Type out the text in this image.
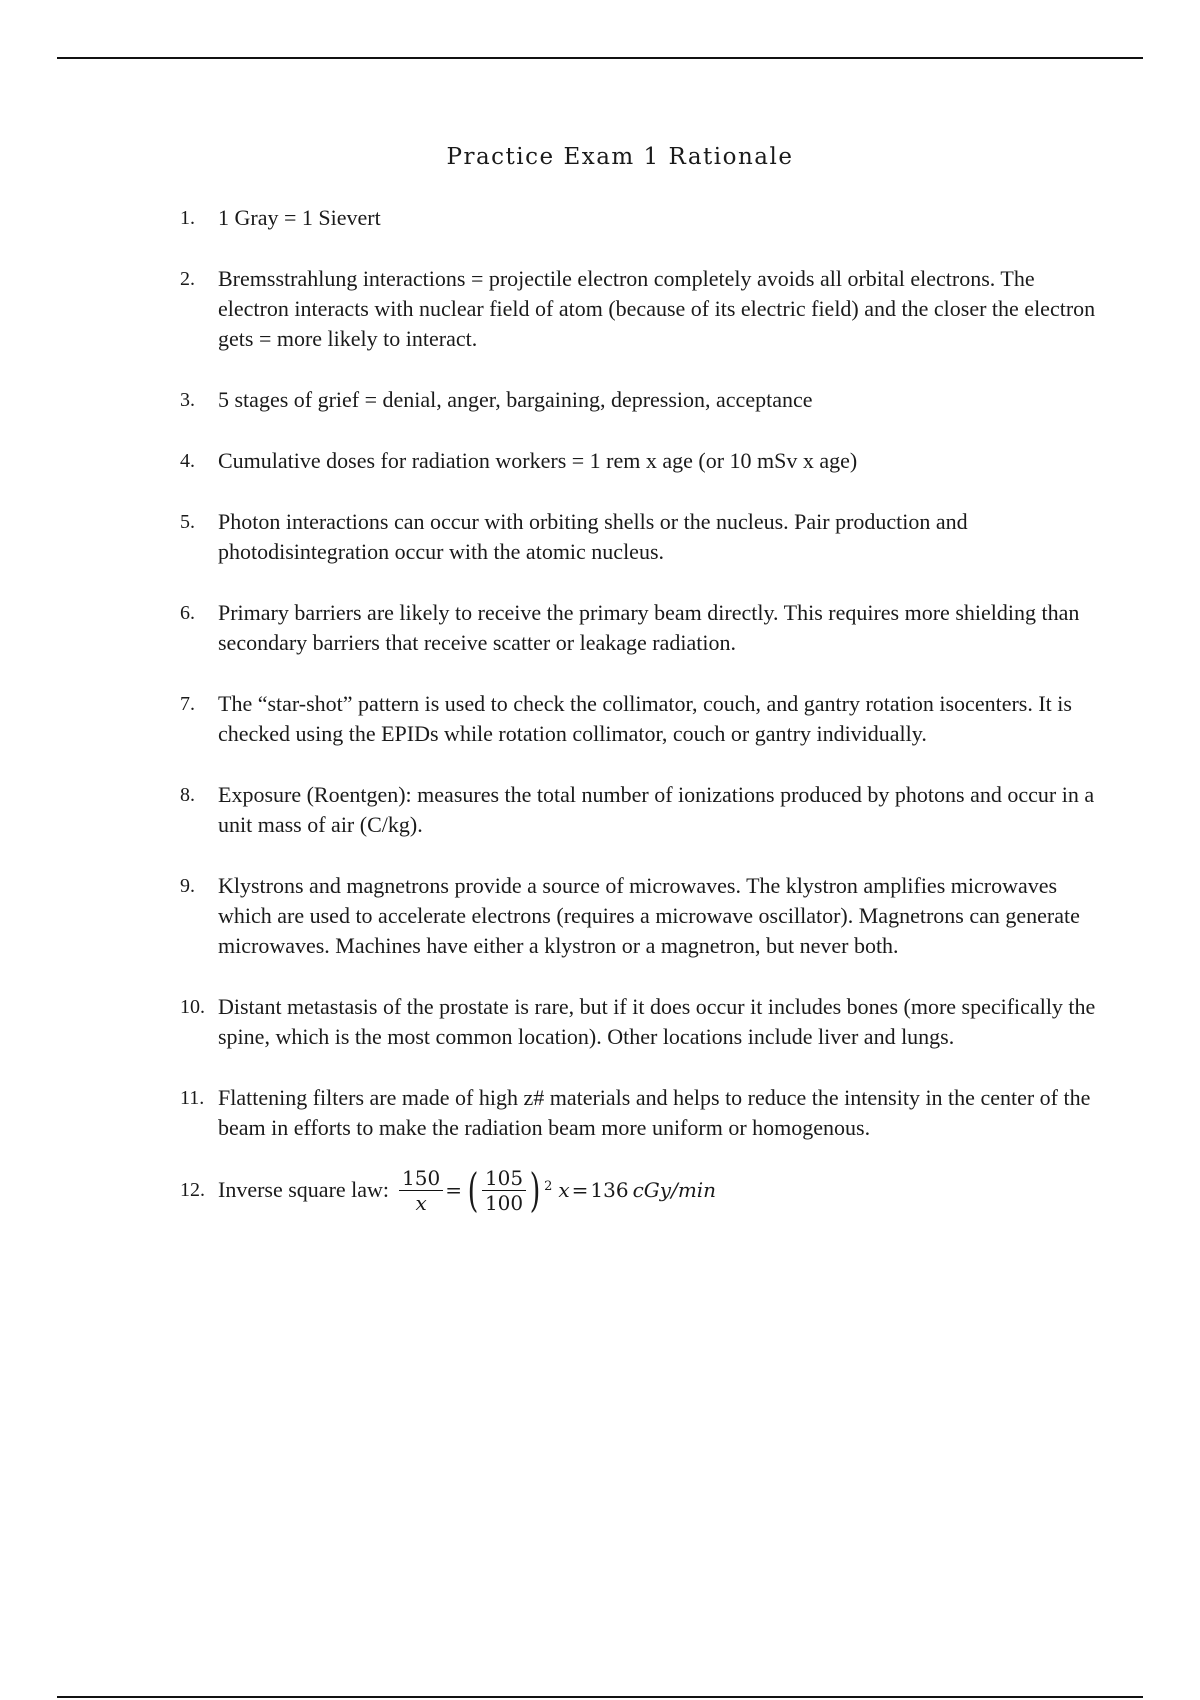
Practice Exam 1 Rationale
1.	1 Gray = 1 Sievert
2.	Bremsstrahlung interactions = projectile electron completely avoids all orbital electrons. The electron interacts with nuclear field of atom (because of its electric field) and the closer the electron gets = more likely to interact.
3.	5 stages of grief = denial, anger, bargaining, depression, acceptance
4.	Cumulative doses for radiation workers = 1 rem x age (or 10 mSv x age)
5.	Photon interactions can occur with orbiting shells or the nucleus. Pair production and photodisintegration occur with the atomic nucleus.
6.	Primary barriers are likely to receive the primary beam directly. This requires more shielding than secondary barriers that receive scatter or leakage radiation.
7.	The “star-shot” pattern is used to check the collimator, couch, and gantry rotation isocenters. It is checked using the EPIDs while rotation collimator, couch or gantry individually.
8.	Exposure (Roentgen): measures the total number of ionizations produced by photons and occur in a unit mass of air (C/kg).
9.	Klystrons and magnetrons provide a source of microwaves. The klystron amplifies microwaves which are used to accelerate electrons (requires a microwave oscillator). Magnetrons can generate microwaves. Machines have either a klystron or a magnetron, but never both.
10. Distant metastasis of the prostate is rare, but if it does occur it includes bones (more specifically the spine, which is the most common location). Other locations include liver and lungs.
11. Flattening filters are made of high z# materials and helps to reduce the intensity in the center of the beam in efforts to make the radiation beam more uniform or homogenous.
12. Inverse square law: $\frac{150}{x}$ = ( $\frac{105}{100}$ ) 2 x = 136 cGy/min
